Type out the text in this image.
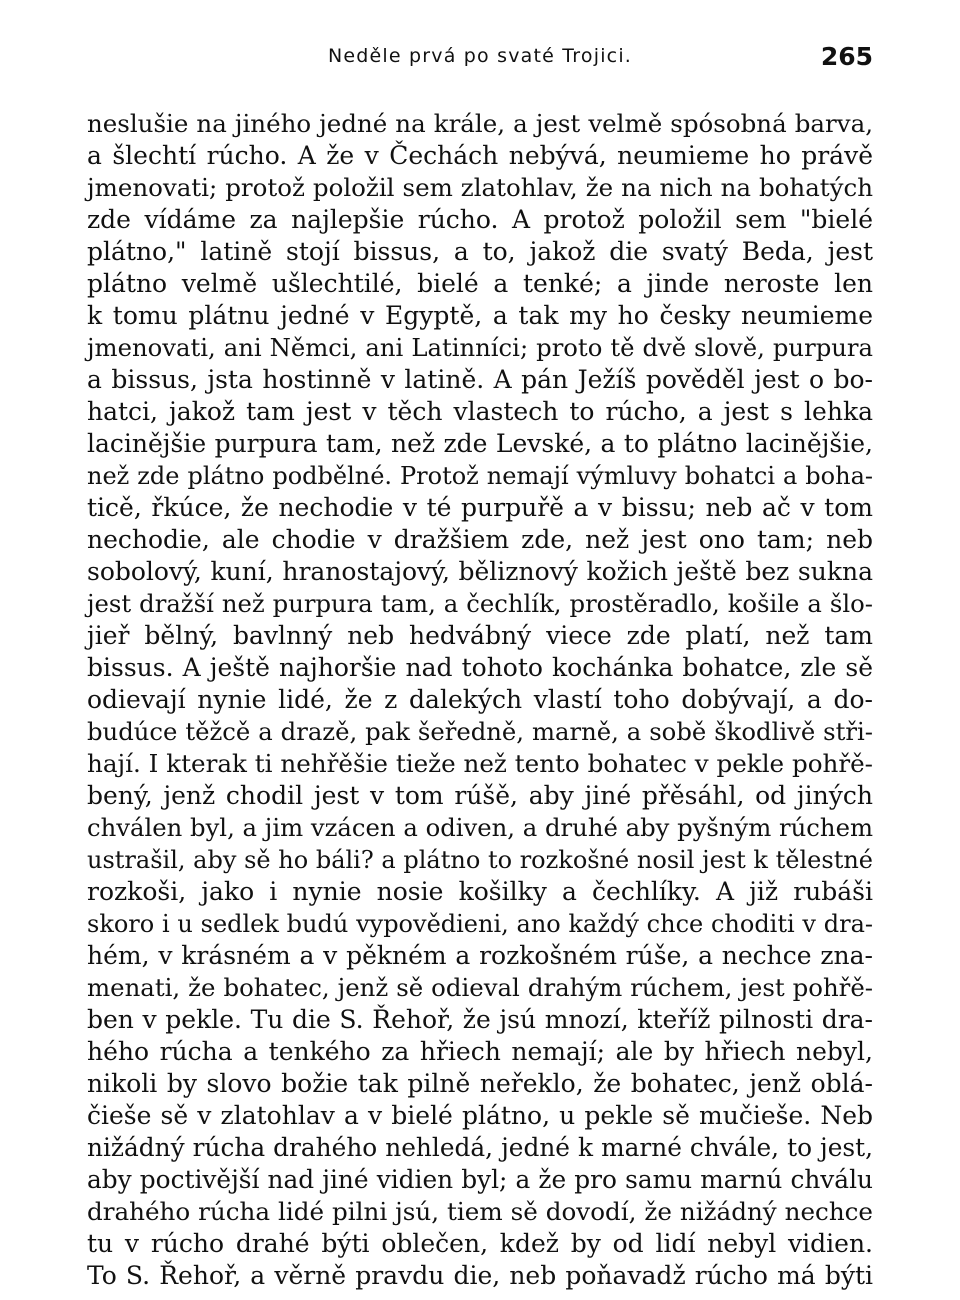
Neděle prvá po svaté Trojici.	265
neslušie na jiného jedné na krále, a jest velmě spósobná barva,
a šlechtí rúcho. A že v Čechách nebývá, neumieme ho právě
jmenovati; protož položil sem zlatohlav, že na nich na bohatých
zde vídáme za najlepšie rúcho. A protož položil sem "bielé
plátno," latině stojí bissus, a to, jakož die svatý Beda, jest
plátno velmě ušlechtilé, bielé a tenké; a jinde neroste len
k tomu plátnu jedné v Egyptě, a tak my ho česky neumieme
jmenovati, ani Němci, ani Latinníci; proto tě dvě slově, purpura
a bissus, jsta hostinně v latině. A pán Ježíš pověděl jest o bo-
hatci, jakož tam jest v těch vlastech to rúcho, a jest s lehka
lacinějšie purpura tam, než zde Levské, a to plátno lacinějšie,
než zde plátno podbělné. Protož nemají výmluvy bohatci a boha-
ticě, řkúce, že nechodie v té purpuřě a v bissu; neb ač v tom
nechodie, ale chodie v dražšiem zde, než jest ono tam; neb
sobolový, kuní, hranostajový, běliznový kožich ještě bez sukna
jest dražší než purpura tam, a čechlík, prostěradlo, košile a šlo-
jieř bělný, bavlnný neb hedvábný viece zde platí, než tam
bissus. A ještě najhoršie nad tohoto kochánka bohatce, zle sě
odievají nynie lidé, že z dalekých vlastí toho dobývají, a do-
budúce těžcě a drazě, pak šeředně, marně, a sobě škodlivě stři-
hají. I kterak ti nehřěšie tieže než tento bohatec v pekle pohřě-
bený, jenž chodil jest v tom rúšě, aby jiné přěsáhl, od jiných
chválen byl, a jim vzácen a odiven, a druhé aby pyšným rúchem
ustrašil, aby sě ho báli? a plátno to rozkošné nosil jest k tělestné
rozkoši, jako i nynie nosie košilky a čechlíky. A již rubáši
skoro i u sedlek budú vypovědieni, ano každý chce choditi v dra-
hém, v krásném a v pěkném a rozkošném rúše, a nechce zna-
menati, že bohatec, jenž sě odieval drahým rúchem, jest pohřě-
ben v pekle. Tu die S. Řehoř, že jsú mnozí, kteříž pilnosti dra-
hého rúcha a tenkého za hřiech nemají; ale by hřiech nebyl,
nikoli by slovo božie tak pilně neřeklo, že bohatec, jenž oblá-
čiešе sě v zlatohlav a v bielé plátno, u pekle sě mučieše. Neb
nižádný rúcha drahého nehledá, jedné k marné chvále, to jest,
aby poctivější nad jiné vidien byl; a že pro samu marnú chválu
drahého rúcha lidé pilni jsú, tiem sě dovodí, že nižádný nechce
tu v rúcho drahé býti oblečen, kdež by od lidí nebyl vidien.
To S. Řehoř, a věrně pravdu die, neb poňavadž rúcho má býti
